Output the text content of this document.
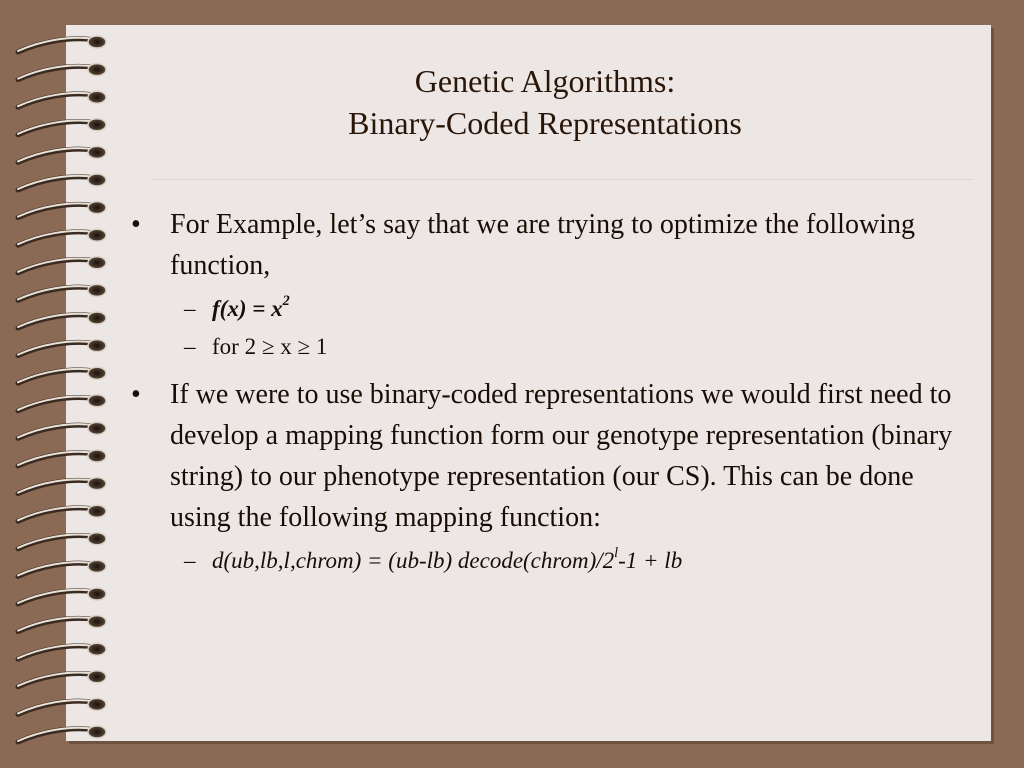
Genetic Algorithms:
Binary-Coded Representations

• For Example, let’s say that we are trying to optimize the following function,

– $f(x) = x^2$

– for 2 ≥ x ≥ 1

• If we were to use binary-coded representations we would first need to develop a mapping function form our genotype representation (binary string) to our phenotype representation (our CS). This can be done using the following mapping function:

– d(ub,lb,l,chrom) = (ub-lb) $decode(chrom)/2^l-1$ + lb
